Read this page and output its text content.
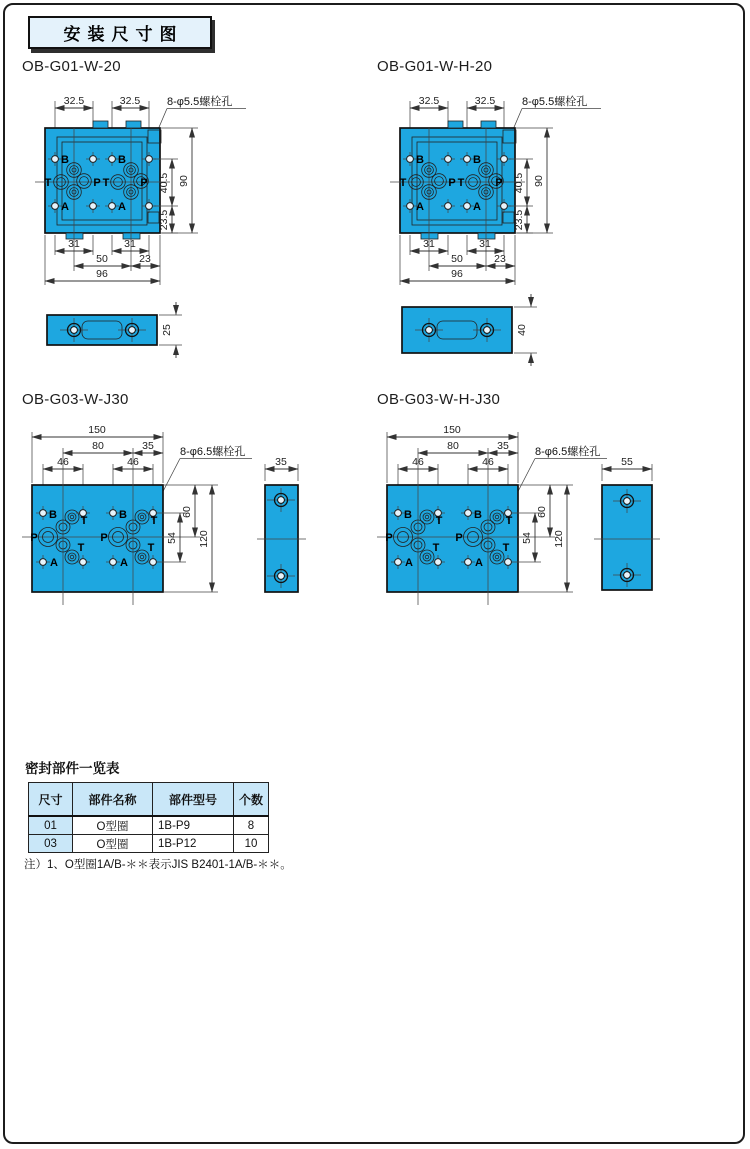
安装尺寸图
OB-G01-W-20	OB-G01-W-H-20
OB-G03-W-J30	OB-G03-W-H-J30
32.5	32.5 8-φ5.5螺栓孔
B	B
T	P T	P
A	A
40.5
23.5
90
31	31
50	23
96
25
32.5	32.5 8-φ5.5螺栓孔
B	B
T	P T	P
A	A
40.5
23.5
90
31	31
50	23
96
40
150
80	35
46	46
8-φ6.5螺栓孔
B T
P
T
A
B T
P
T
A
60
54 120
35
150
80	35
46	46
8-φ6.5螺栓孔
B T
P
T
A
B T
P
T
A
60
54 120
55
密封部件一览表
尺寸	部件名称	部件型号	个数
01	O型圈	1B-P9	8
03	O型圈	1B-P12	10
注）1、O型圈1A/B-＊＊表示JIS B2401-1A/B-＊＊。
